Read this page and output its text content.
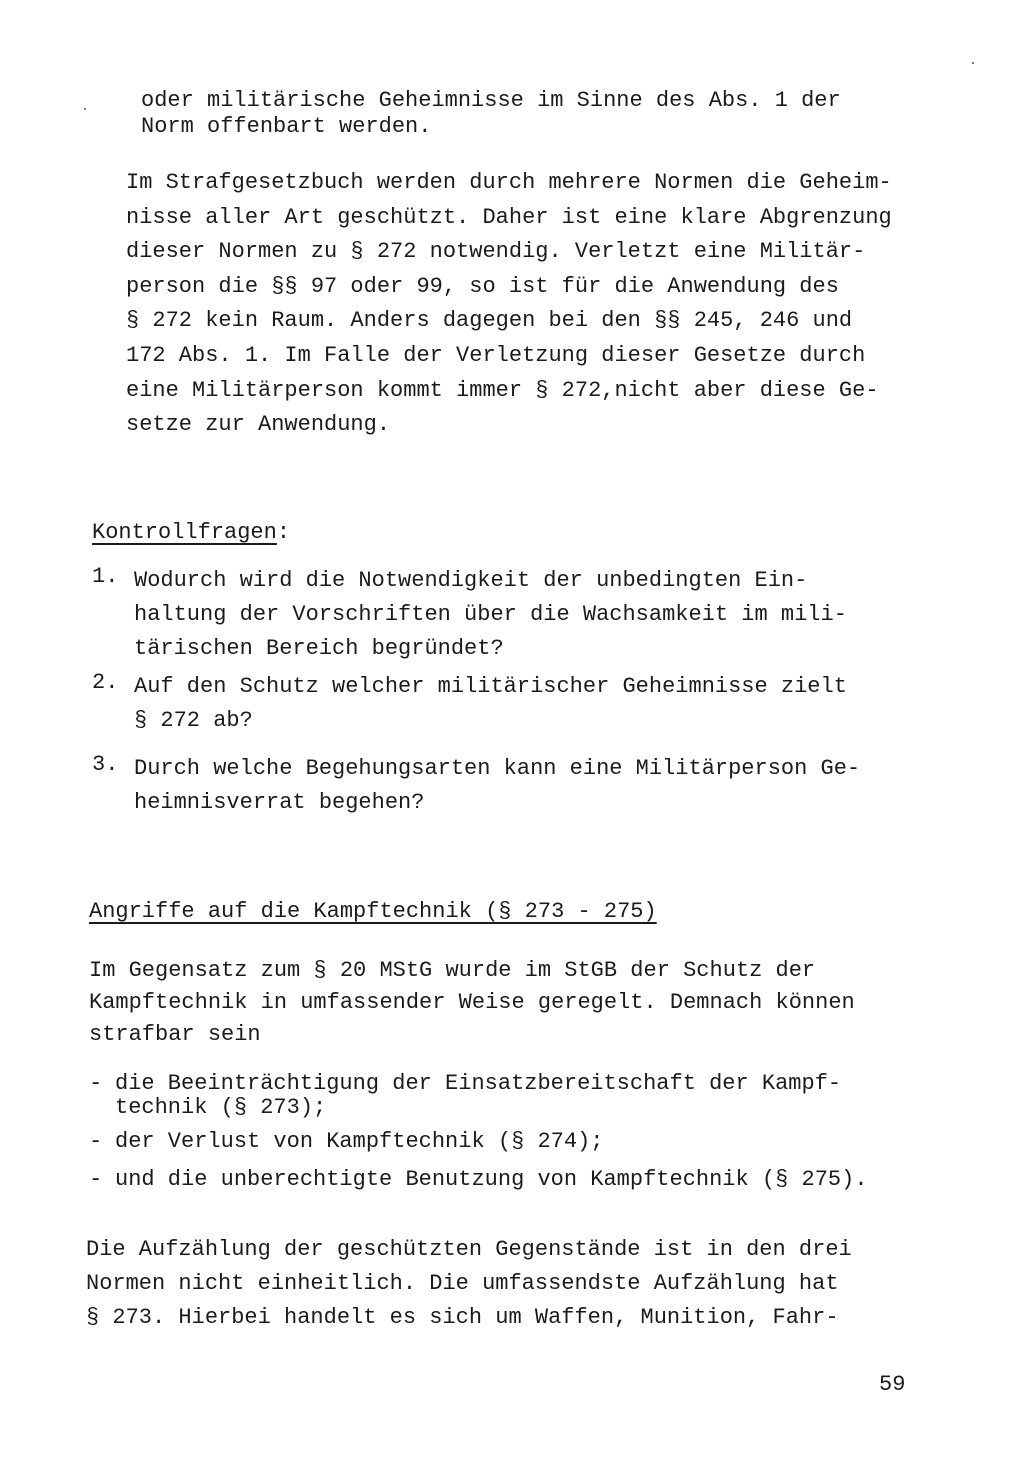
oder militärische Geheimnisse im Sinne des Abs. 1 der
Norm offenbart werden.
Im Strafgesetzbuch werden durch mehrere Normen die Geheim-
nisse aller Art geschützt. Daher ist eine klare Abgrenzung
dieser Normen zu § 272 notwendig. Verletzt eine Militär-
person die §§ 97 oder 99, so ist für die Anwendung des
§ 272 kein Raum. Anders dagegen bei den §§ 245, 246 und
172 Abs. 1. Im Falle der Verletzung dieser Gesetze durch
eine Militärperson kommt immer § 272,nicht aber diese Ge-
setze zur Anwendung.
Kontrollfragen:
1. Wodurch wird die Notwendigkeit der unbedingten Ein-
haltung der Vorschriften über die Wachsamkeit im mili-
tärischen Bereich begründet?
2. Auf den Schutz welcher militärischer Geheimnisse zielt
§ 272 ab?
3. Durch welche Begehungsarten kann eine Militärperson Ge-
heimnisverrat begehen?
Angriffe auf die Kampftechnik (§ 273 - 275)
Im Gegensatz zum § 20 MStG wurde im StGB der Schutz der
Kampftechnik in umfassender Weise geregelt. Demnach können
strafbar sein
- die Beeinträchtigung der Einsatzbereitschaft der Kampf-
technik (§ 273);
- der Verlust von Kampftechnik (§ 274);
- und die unberechtigte Benutzung von Kampftechnik (§ 275).
Die Aufzählung der geschützten Gegenstände ist in den drei
Normen nicht einheitlich. Die umfassendste Aufzählung hat
§ 273. Hierbei handelt es sich um Waffen, Munition, Fahr-
59
